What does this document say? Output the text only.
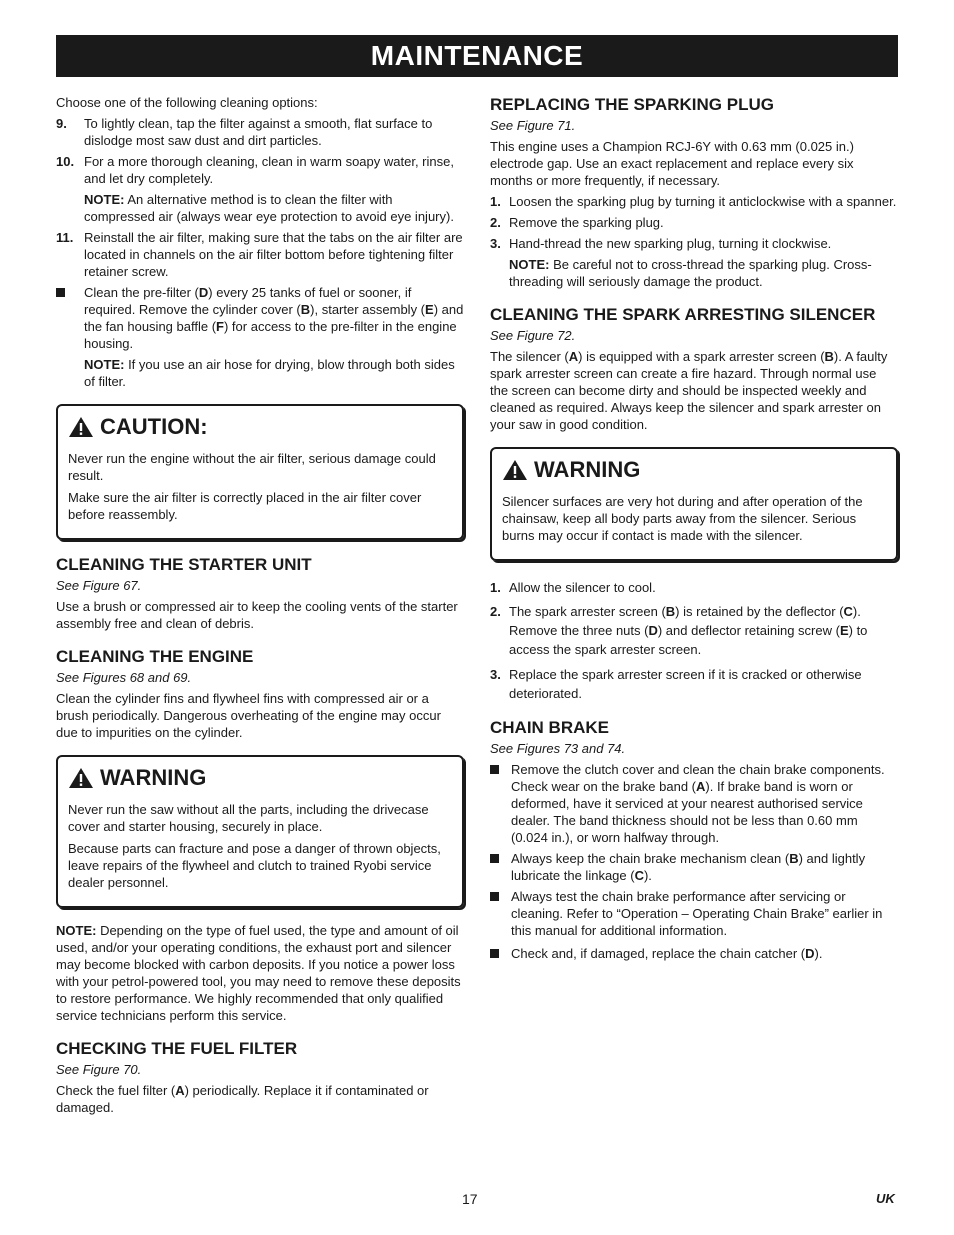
MAINTENANCE

Choose one of the following cleaning options:

9.	To lightly clean, tap the filter against a smooth, flat surface to dislodge most saw dust and dirt particles.
10. For a more thorough cleaning, clean in warm soapy water, rinse, and let dry completely.

NOTE: An alternative method is to clean the filter with compressed air (always wear eye protection to avoid eye injury).

11. Reinstall the air filter, making sure that the tabs on the air filter are located in channels on the air filter bottom before tightening filter retainer screw.
Clean the pre-filter (D) every 25 tanks of fuel or sooner, if required. Remove the cylinder cover (B), starter assembly (E) and the fan housing baffle (F) for access to the pre-filter in the engine housing.

NOTE: If you use an air hose for drying, blow through both sides of filter.

CAUTION:

Never run the engine without the air filter, serious damage could result.

Make sure the air filter is correctly placed in the air filter cover before reassembly.

CLEANING THE STARTER UNIT

See Figure 67.

Use a brush or compressed air to keep the cooling vents of the starter assembly free and clean of debris.

CLEANING THE ENGINE

See Figures 68 and 69.

Clean the cylinder fins and flywheel fins with compressed air or a brush periodically. Dangerous overheating of the engine may occur due to impurities on the cylinder.

WARNING

Never run the saw without all the parts, including the drivecase cover and starter housing, securely in place.

Because parts can fracture and pose a danger of thrown objects, leave repairs of the flywheel and clutch to trained Ryobi service dealer personnel.

NOTE: Depending on the type of fuel used, the type and amount of oil used, and/or your operating conditions, the exhaust port and silencer may become blocked with carbon deposits. If you notice a power loss with your petrol-powered tool, you may need to remove these deposits to restore performance. We highly recommended that only qualified service technicians perform this service.

CHECKING THE FUEL FILTER

See Figure 70.

Check the fuel filter (A) periodically. Replace it if contaminated or damaged.

REPLACING THE SPARKING PLUG

See Figure 71.

This engine uses a Champion RCJ-6Y with 0.63 mm (0.025 in.) electrode gap. Use an exact replacement and replace every six months or more frequently, if necessary.

1. Loosen the sparking plug by turning it anticlockwise with a spanner.
2. Remove the sparking plug.
3. Hand-thread the new sparking plug, turning it clockwise.

NOTE: Be careful not to cross-thread the sparking plug. Cross-threading will seriously damage the product.

CLEANING THE SPARK ARRESTING SILENCER

See Figure 72.

The silencer (A) is equipped with a spark arrester screen (B). A faulty spark arrester screen can create a fire hazard. Through normal use the screen can become dirty and should be inspected weekly and cleaned as required. Always keep the silencer and spark arrester on your saw in good condition.

WARNING

Silencer surfaces are very hot during and after operation of the chainsaw, keep all body parts away from the silencer. Serious burns may occur if contact is made with the silencer.

1. Allow the silencer to cool.
2. The spark arrester screen (B) is retained by the deflector (C). Remove the three nuts (D) and deflector retaining screw (E) to access the spark arrester screen.
3. Replace the spark arrester screen if it is cracked or otherwise deteriorated.
CHAIN BRAKE

See Figures 73 and 74.

Remove the clutch cover and clean the chain brake components. Check wear on the brake band (A). If brake band is worn or deformed, have it serviced at your nearest authorised service dealer. The band thickness should not be less than 0.60 mm (0.024 in.), or worn halfway through.
Always keep the chain brake mechanism clean (B) and lightly lubricate the linkage (C).
Always test the chain brake performance after servicing or cleaning. Refer to “Operation – Operating Chain Brake” earlier in this manual for additional information.
Check and, if damaged, replace the chain catcher (D).
17	UK
